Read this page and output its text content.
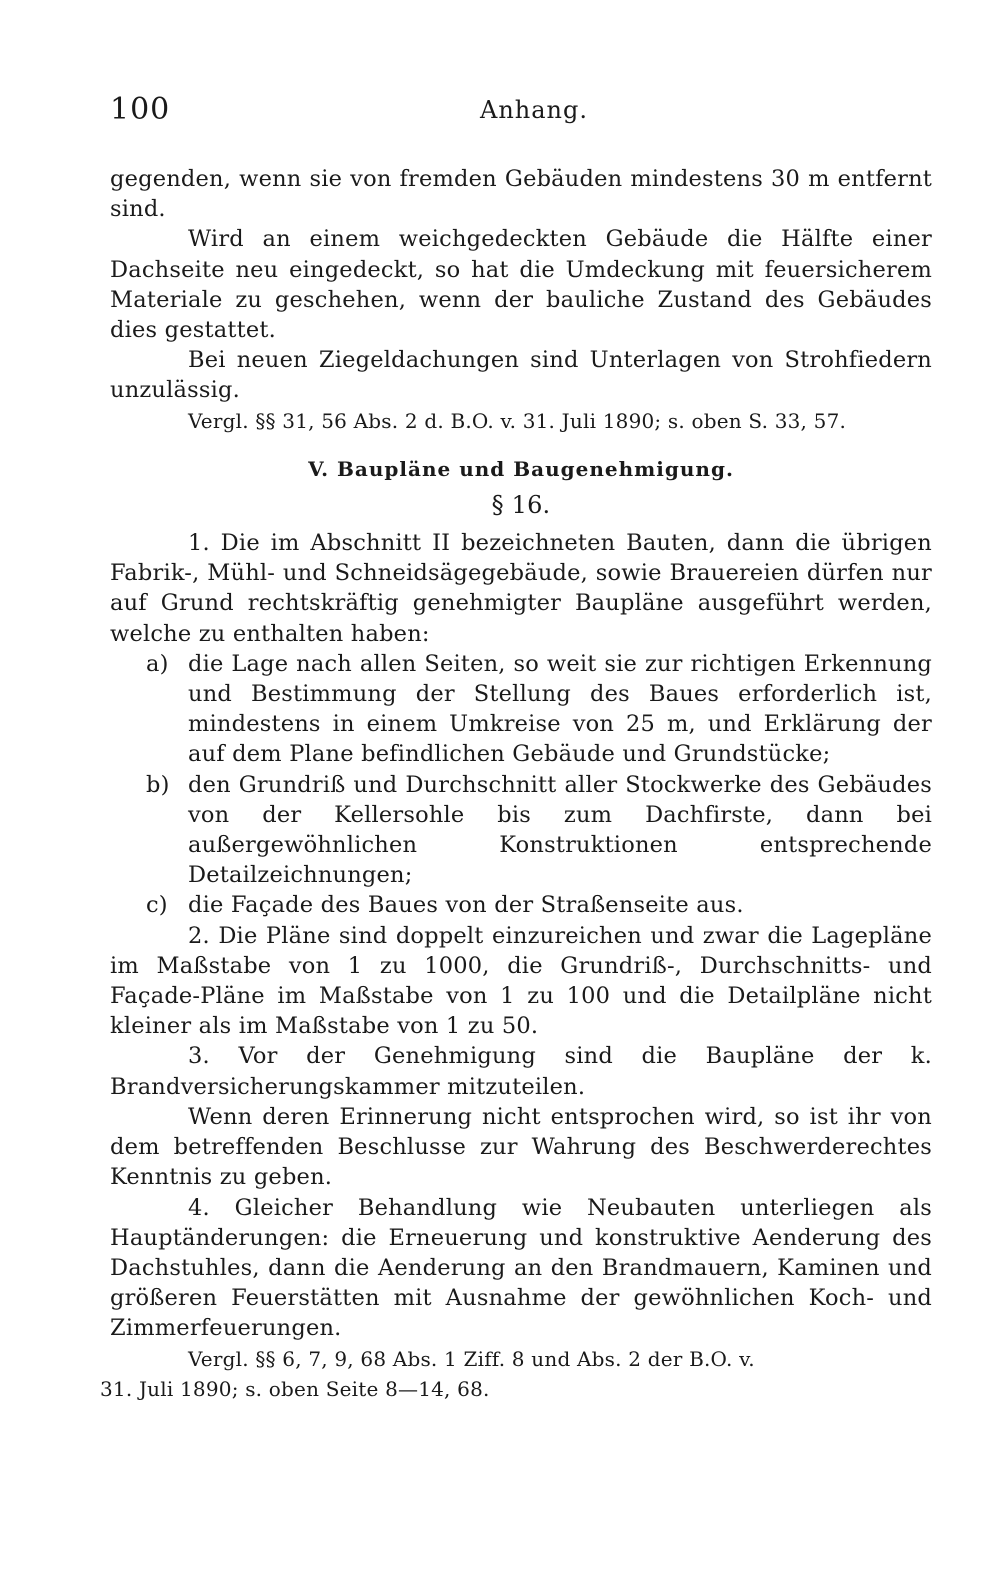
100	Anhang.

gegenden, wenn sie von fremden Gebäuden mindestens 30 m entfernt sind.

Wird an einem weichgedeckten Gebäude die Hälfte einer Dachseite neu eingedeckt, so hat die Umdeckung mit feuersicherem Materiale zu geschehen, wenn der bauliche Zustand des Gebäudes dies gestattet.

Bei neuen Ziegeldachungen sind Unterlagen von Strohfiedern unzulässig.

Vergl. §§ 31, 56 Abs. 2 d. B.O. v. 31. Juli 1890; s. oben S. 33, 57.

V. Baupläne und Baugenehmigung.
§ 16.

1. Die im Abschnitt II bezeichneten Bauten, dann die übrigen Fabrik-, Mühl- und Schneidsägegebäude, sowie Brauereien dürfen nur auf Grund rechtskräftig genehmigter Baupläne ausgeführt werden, welche zu enthalten haben:

a) die Lage nach allen Seiten, so weit sie zur richtigen Erkennung und Bestimmung der Stellung des Baues erforderlich ist, mindestens in einem Umkreise von 25 m, und Erklärung der auf dem Plane befindlichen Gebäude und Grundstücke;
b) den Grundriß und Durchschnitt aller Stockwerke des Gebäudes von der Kellersohle bis zum Dachfirste, dann bei außergewöhnlichen Konstruktionen entsprechende Detailzeichnungen;
c) die Façade des Baues von der Straßenseite aus.

2. Die Pläne sind doppelt einzureichen und zwar die Lagepläne im Maßstabe von 1 zu 1000, die Grundriß-, Durchschnitts- und Façade-Pläne im Maßstabe von 1 zu 100 und die Detailpläne nicht kleiner als im Maßstabe von 1 zu 50.

3. Vor der Genehmigung sind die Baupläne der k. Brandversicherungskammer mitzuteilen.

Wenn deren Erinnerung nicht entsprochen wird, so ist ihr von dem betreffenden Beschlusse zur Wahrung des Beschwerderechtes Kenntnis zu geben.

4. Gleicher Behandlung wie Neubauten unterliegen als Hauptänderungen: die Erneuerung und konstruktive Aenderung des Dachstuhles, dann die Aenderung an den Brandmauern, Kaminen und größeren Feuerstätten mit Ausnahme der gewöhnlichen Koch- und Zimmerfeuerungen.

Vergl. §§ 6, 7, 9, 68 Abs. 1 Ziff. 8 und Abs. 2 der B.O. v.
31. Juli 1890; s. oben Seite 8—14, 68.
